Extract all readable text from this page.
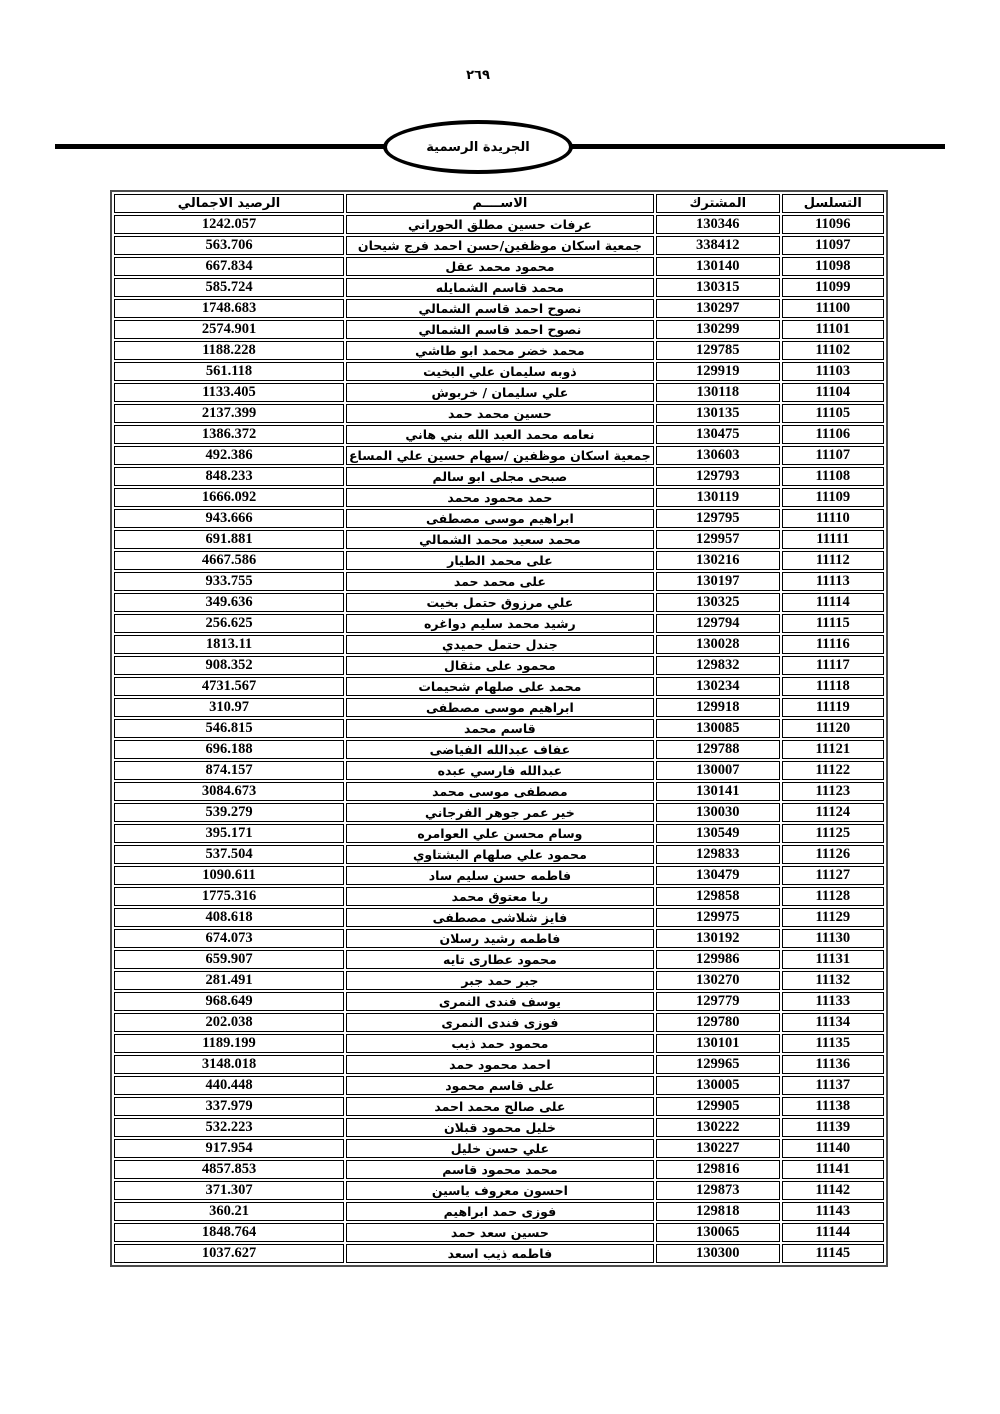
٢٦٩
الجريدة الرسمية
التسلسل	المشترك	الاســــم	الرصيد الاجمالي
11096	130346	عرفات حسين مطلق الحوراني	1242.057
11097	338412	جمعية اسكان موظفين/حسن احمد فرج شيحان	563.706
11098	130140	محمود محمد عقل	667.834
11099	130315	محمد قاسم الشمايله	585.724
11100	130297	نصوح احمد قاسم الشمالي	1748.683
11101	130299	نصوح احمد قاسم الشمالي	2574.901
11102	129785	محمد خضر محمد ابو طاشي	1188.228
11103	129919	ذوبه سليمان علي البخيت	561.118
11104	130118	علي سليمان / خربوش	1133.405
11105	130135	حسين محمد حمد	2137.399
11106	130475	نعامه محمد العبد الله بني هاني	1386.372
11107	130603	جمعية اسكان موظفين /سهام حسين علي المساع	492.386
11108	129793	صبحى مجلى ابو سالم	848.233
11109	130119	حمد محمود محمد	1666.092
11110	129795	ابراهيم موسى مصطفى	943.666
11111	129957	محمد سعيد محمد الشمالي	691.881
11112	130216	على محمد الطيار	4667.586
11113	130197	على محمد حمد	933.755
11114	130325	علي مرزوق حتمل بخيت	349.636
11115	129794	رشيد محمد سليم دواغره	256.625
11116	130028	جندل حتمل حميدي	1813.11
11117	129832	محمود على مثقال	908.352
11118	130234	محمد على صلهام شحيمات	4731.567
11119	129918	ابراهيم موسى مصطفى	310.97
11120	130085	قاسم محمد	546.815
11121	129788	عفاف عبدالله الفياضى	696.188
11122	130007	عبدالله فارسي عبده	874.157
11123	130141	مصطفى موسى محمد	3084.673
11124	130030	خير عمر جوهر الفرجاني	539.279
11125	130549	وسام محسن علي العوامره	395.171
11126	129833	محمود علي صلهام البشتاوي	537.504
11127	130479	فاطمه حسن سليم ساد	1090.611
11128	129858	ريا معتوق محمد	1775.316
11129	129975	فايز شلاشى مصطفى	408.618
11130	130192	فاطمه رشيد رسلان	674.073
11131	129986	محمود عطارى تايه	659.907
11132	130270	جبر حمد جبر	281.491
11133	129779	يوسف فندى النمرى	968.649
11134	129780	فوزى فندى النمرى	202.038
11135	130101	محمود حمد ذيب	1189.199
11136	129965	احمد محمود حمد	3148.018
11137	130005	على قاسم محمود	440.448
11138	129905	على صالح محمد احمد	337.979
11139	130222	خليل محمود قبلان	532.223
11140	130227	علي حسن خليل	917.954
11141	129816	محمد محمود قاسم	4857.853
11142	129873	احسون معروف ياسين	371.307
11143	129818	فوزى حمد ابراهيم	360.21
11144	130065	حسين سعد حمد	1848.764
11145	130300	فاطمه ذيب اسعد	1037.627
